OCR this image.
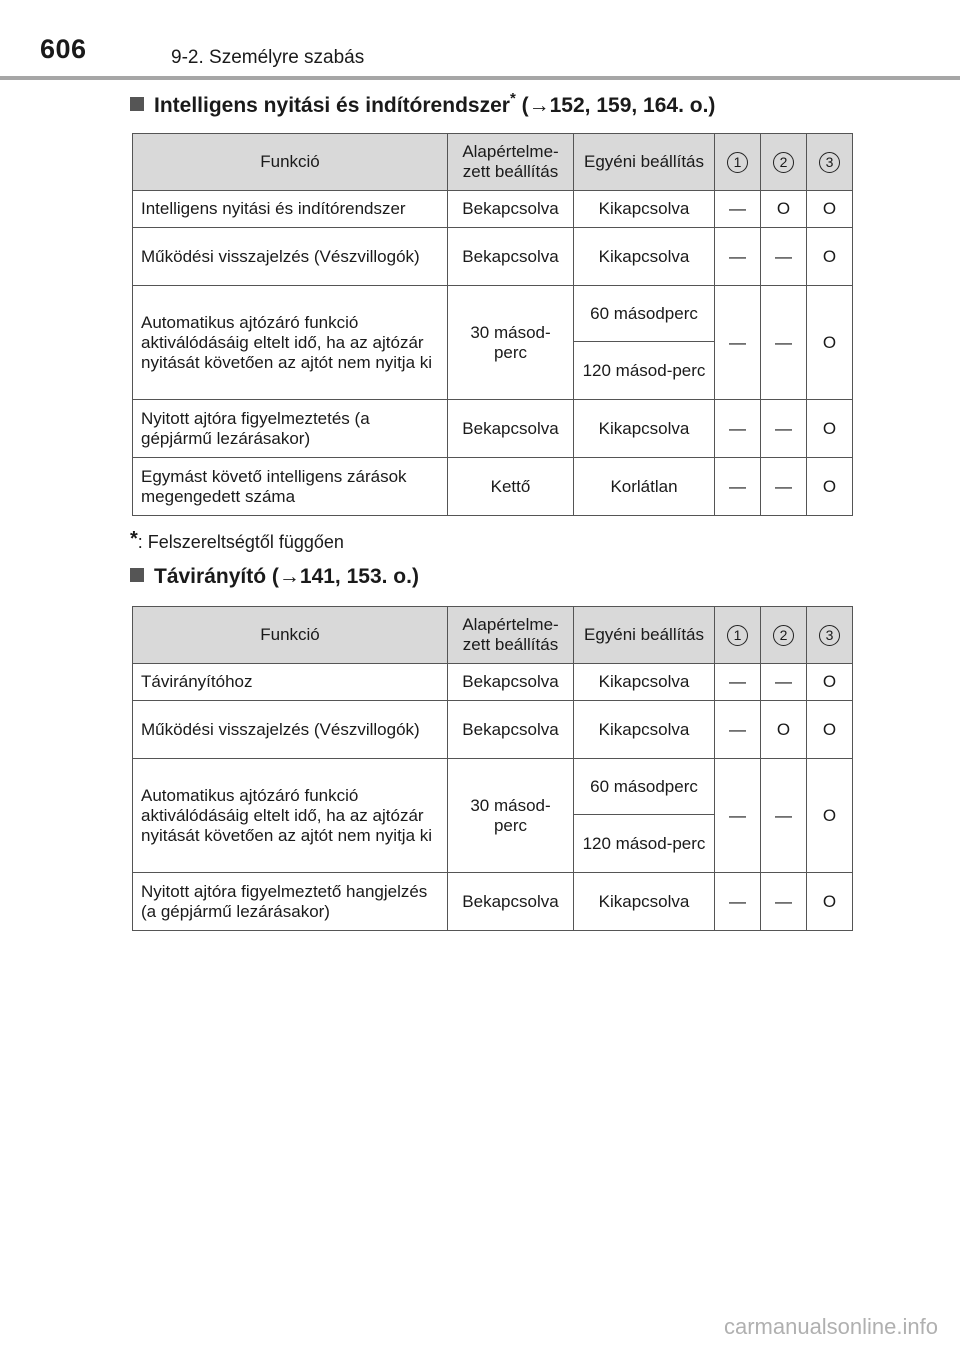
606	9-2. Személyre szabás
Intelligens nyitási és indítórendszer* (→152, 159, 164. o.)
Funkció	Alapértelme-zett beállítás	Egyéni beállítás	1	2	3
Intelligens nyitási és indítórendszer	Bekapcsolva	Kikapcsolva	—	O	O
Működési visszajelzés (Vészvillogók)	Bekapcsolva	Kikapcsolva	—	—	O
Automatikus ajtózáró funkció aktiválódásáig eltelt idő, ha az ajtózár nyitását követően az ajtót nem nyitja ki	30 másod-perc	60 másodperc	—	—	O
		120 másod-perc			
Nyitott ajtóra figyelmeztetés (a gépjármű lezárásakor)	Bekapcsolva	Kikapcsolva	—	—	O
Egymást követő intelligens zárások megengedett száma	Kettő	Korlátlan	—	—	O
*: Felszereltségtől függően
Távirányító (→141, 153. o.)
Funkció	Alapértelme-zett beállítás	Egyéni beállítás	1	2	3
Távirányítóhoz	Bekapcsolva	Kikapcsolva	—	—	O
Működési visszajelzés (Vészvillogók)	Bekapcsolva	Kikapcsolva	—	O	O
Automatikus ajtózáró funkció aktiválódásáig eltelt idő, ha az ajtózár nyitását követően az ajtót nem nyitja ki	30 másod-perc	60 másodperc	—	—	O
		120 másod-perc			
Nyitott ajtóra figyelmeztető hangjelzés (a gépjármű lezárásakor)	Bekapcsolva	Kikapcsolva	—	—	O
carmanualsonline.info
